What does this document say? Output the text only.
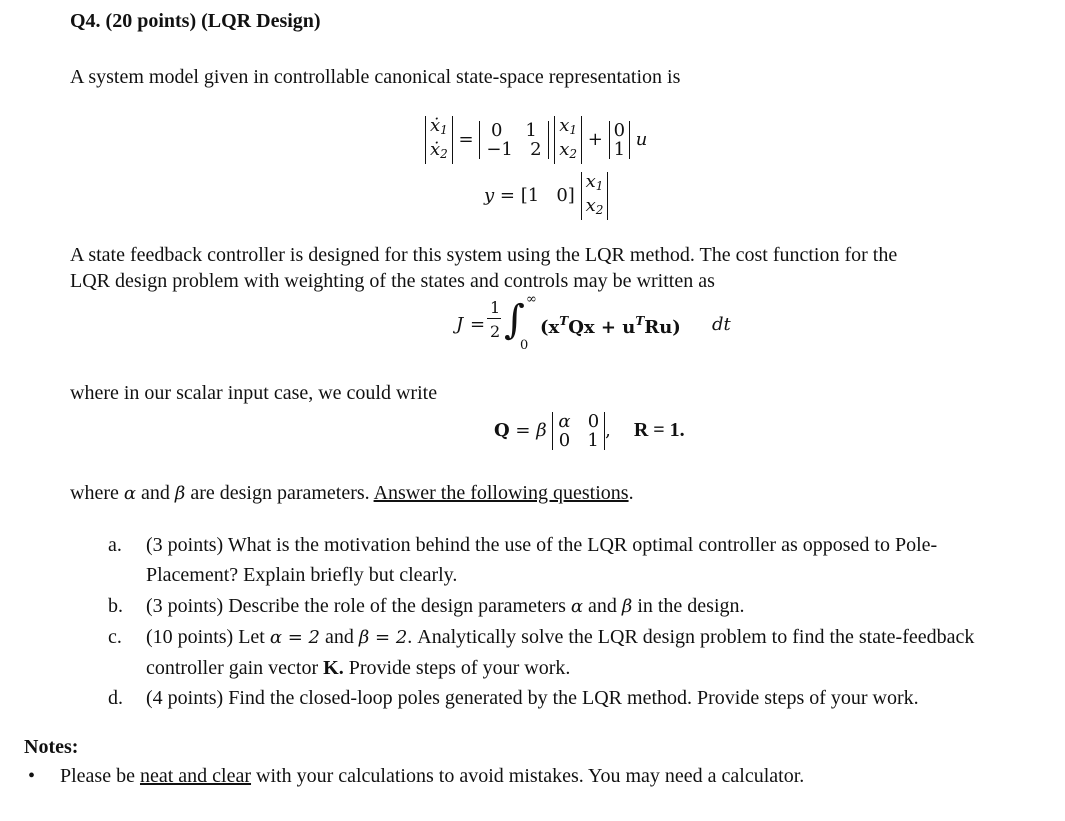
Q4. (20 points) (LQR Design)
A system model given in controllable canonical state-space representation is
ẋ$_1$
ẋ$_2$
= 0 1
−1 2

$x_1$
$x_2$
+ 0
1 u
y = [1   0]
$x_1$
$x_2$
A state feedback controller is designed for this system using the LQR method. The cost function for the
LQR design problem with weighting of the states and controls may be written as
J =
1
2 ∫ ∞
0
$(x^TQx + u^TRu)$ dt
where in our scalar input case, we could write
Q = β α 0
0 1 , R = 1.
where α and β are design parameters. Answer the following questions.
a. (3 points) What is the motivation behind the use of the LQR optimal controller as opposed to Pole-Placement? Explain briefly but clearly.
b. (3 points) Describe the role of the design parameters α and β in the design.
c. (10 points) Let α = 2 and β = 2. Analytically solve the LQR design problem to find the state-feedback controller gain vector K. Provide steps of your work.
d. (4 points) Find the closed-loop poles generated by the LQR method. Provide steps of your work.
Notes:
• Please be neat and clear with your calculations to avoid mistakes. You may need a calculator.
